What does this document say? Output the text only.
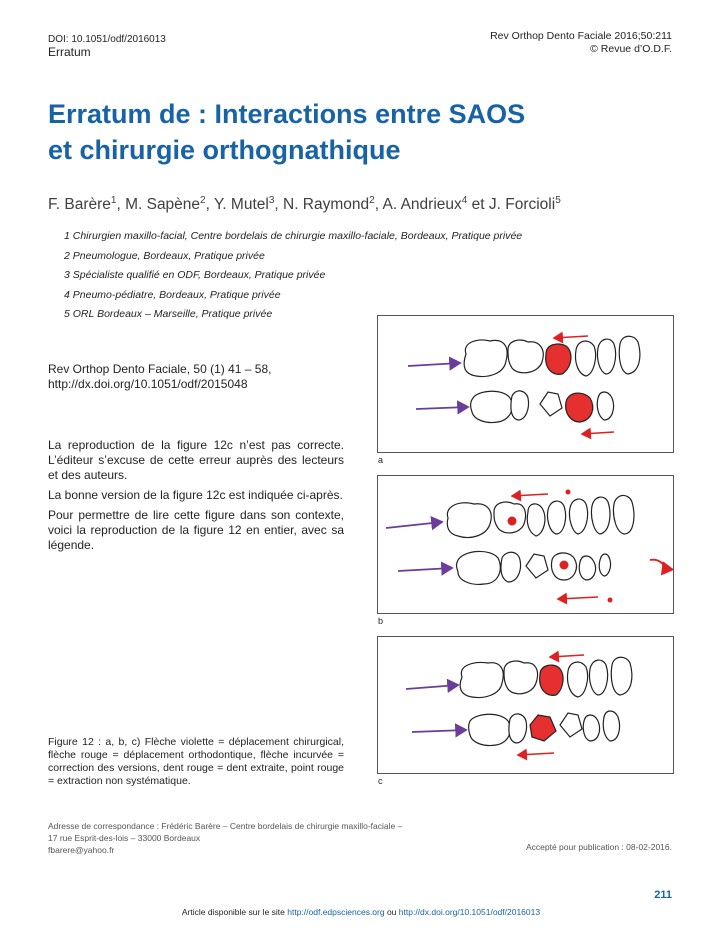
DOI: 10.1051/odf/2016013
Erratum
Rev Orthop Dento Faciale 2016;50:211
© Revue d’O.D.F.
Erratum de : Interactions entre SAOS
et chirurgie orthognathique
F. Barère$^1$, M. Sapène$^2$, Y. Mutel$^3$, N. Raymond$^2$, A. Andrieux$^4$ et J. Forcioli$^5$
1 Chirurgien maxillo-facial, Centre bordelais de chirurgie maxillo-faciale, Bordeaux, Pratique privée
2 Pneumologue, Bordeaux, Pratique privée
3 Spécialiste qualifié en ODF, Bordeaux, Pratique privée
4 Pneumo-pédiatre, Bordeaux, Pratique privée
5 ORL Bordeaux – Marseille, Pratique privée
Rev Orthop Dento Faciale, 50 (1) 41 – 58,
http://dx.doi.org/10.1051/odf/2015048

La reproduction de la figure 12c n’est pas correcte. L’éditeur s’excuse de cette erreur auprès des lecteurs et des auteurs.

La bonne version de la figure 12c est indiquée ci-après.

Pour permettre de lire cette figure dans son contexte, voici la reproduction de la figure 12 en entier, avec sa légende.

a
b
c
Figure 12 : a, b, c) Flèche violette = déplacement chirurgical, flèche rouge = déplacement orthodontique, flèche incurvée = correction des versions, dent rouge = dent extraite, point rouge = extraction non systématique.
Adresse de correspondance : Frédéric Barère – Centre bordelais de chirurgie maxillo-faciale –
17 rue Esprit-des-lois – 33000 Bordeaux
fbarere@yahoo.fr	Accepté pour publication : 08-02-2016.
211
Article disponible sur le site http://odf.edpsciences.org ou http://dx.doi.org/10.1051/odf/2016013
